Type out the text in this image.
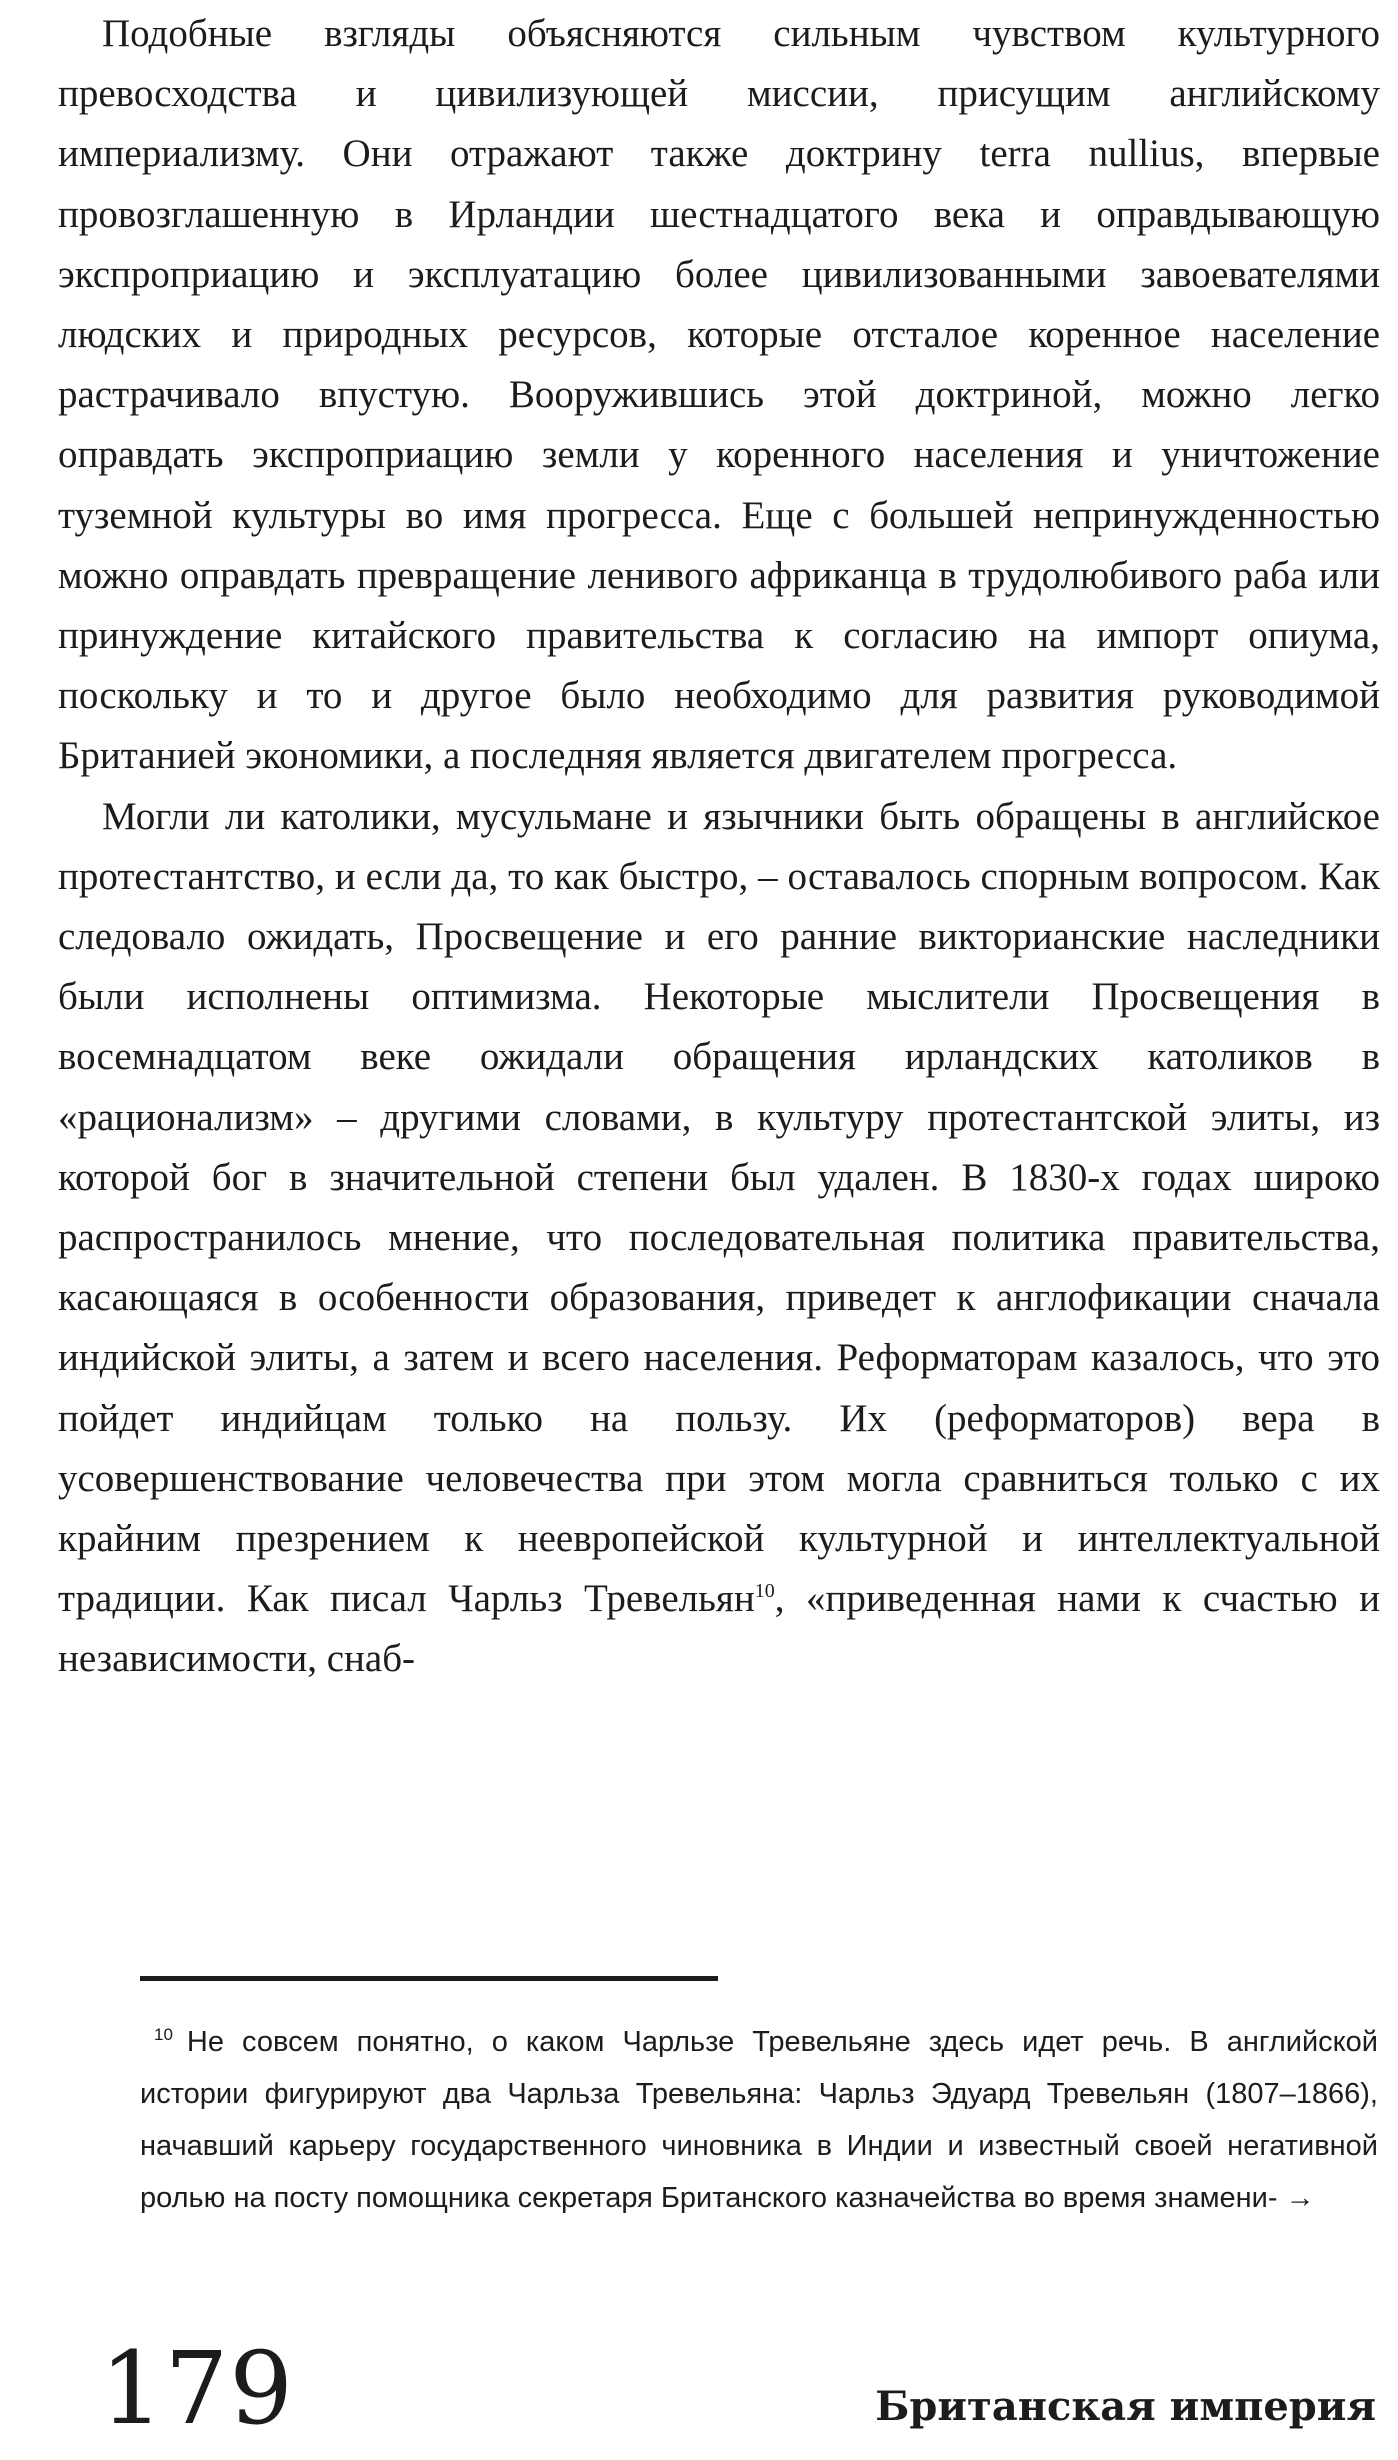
Подобные взгляды объясняются сильным чувством культурного превосходства и цивилизующей миссии, присущим английскому империализму. Они отражают также доктрину terra nullius, впервые провозглашенную в Ирландии шестнадцатого века и оправдывающую экспроприацию и эксплуатацию более цивилизованными завоевателями людских и природных ресурсов, которые отсталое коренное население растрачивало впустую. Вооружившись этой доктриной, можно легко оправдать экспроприацию земли у коренного населения и уничтожение туземной культуры во имя прогресса. Еще с большей непринужденностью можно оправдать превращение ленивого африканца в трудолюбивого раба или принуждение китайского правительства к согласию на импорт опиума, поскольку и то и другое было необходимо для развития руководимой Британией экономики, а последняя является двигателем прогресса.

Могли ли католики, мусульмане и язычники быть обращены в английское протестантство, и если да, то как быстро, – оставалось спорным вопросом. Как следовало ожидать, Просвещение и его ранние викторианские наследники были исполнены оптимизма. Некоторые мыслители Просвещения в восемнадцатом веке ожидали обращения ирландских католиков в «рационализм» – другими словами, в культуру протестантской элиты, из которой бог в значительной степени был удален. В 1830-х годах широко распространилось мнение, что последовательная политика правительства, касающаяся в особенности образования, приведет к англофикации сначала индийской элиты, а затем и всего населения. Реформаторам казалось, что это пойдет индийцам только на пользу. Их (реформаторов) вера в усовершенствование человечества при этом могла сравниться только с их крайним презрением к неевропейской культурной и интеллектуальной традиции. Как писал Чарльз Тревельян$^{10}$, «приведенная нами к счастью и независимости, снаб-

$^{10}$ Не совсем понятно, о каком Чарльзе Тревельяне здесь идет речь. В английской истории фигурируют два Чарльза Тревельяна: Чарльз Эдуард Тревельян (1807–1866), начавший карьеру государственного чиновника в Индии и известный своей негативной ролью на посту помощника секретаря Британского казначейства во время знамени- →

179	Британская империя
